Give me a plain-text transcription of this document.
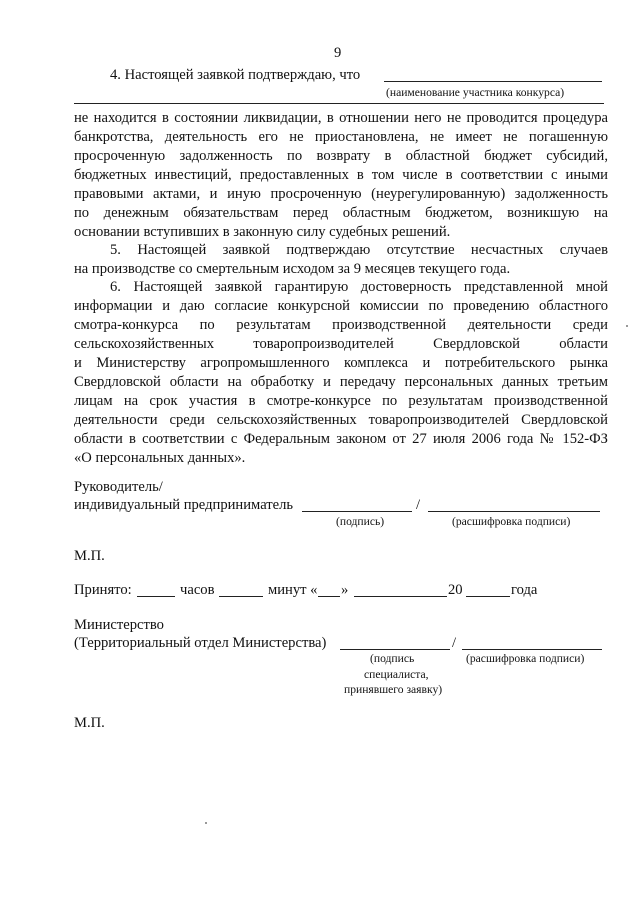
9
4. Настоящей заявкой подтверждаю, что
(наименование участника конкурса)
не находится в состоянии ликвидации, в отношении него не проводится процедура
банкротства, деятельность его не приостановлена, не имеет не погашенную
просроченную задолженность по возврату в областной бюджет субсидий,
бюджетных инвестиций, предоставленных в том числе в соответствии с иными
правовыми актами, и иную просроченную (неурегулированную) задолженность
по денежным обязательствам перед областным бюджетом, возникшую на
основании вступивших в законную силу судебных решений.
5. Настоящей заявкой подтверждаю отсутствие несчастных случаев
на производстве со смертельным исходом за 9 месяцев текущего года.
6. Настоящей заявкой гарантирую достоверность представленной мной
информации и даю согласие конкурсной комиссии по проведению областного
смотра-конкурса по результатам производственной деятельности среди
сельскохозяйственных товаропроизводителей Свердловской области
и Министерству агропромышленного комплекса и потребительского рынка
Свердловской области на обработку и передачу персональных данных третьим
лицам на срок участия в смотре-конкурсе по результатам производственной
деятельности среди сельскохозяйственных товаропроизводителей Свердловской
области в соответствии с Федеральным законом от 27 июля 2006 года № 152-ФЗ
«О персональных данных».
Руководитель/
индивидуальный предприниматель	/
(подпись)	(расшифровка подписи)
М.П.
Принято:	часов	минут « »	20	года
Министерство
(Территориальный отдел Министерства)	/
(подпись
специалиста,
принявшего заявку)
(расшифровка подписи)
М.П.
